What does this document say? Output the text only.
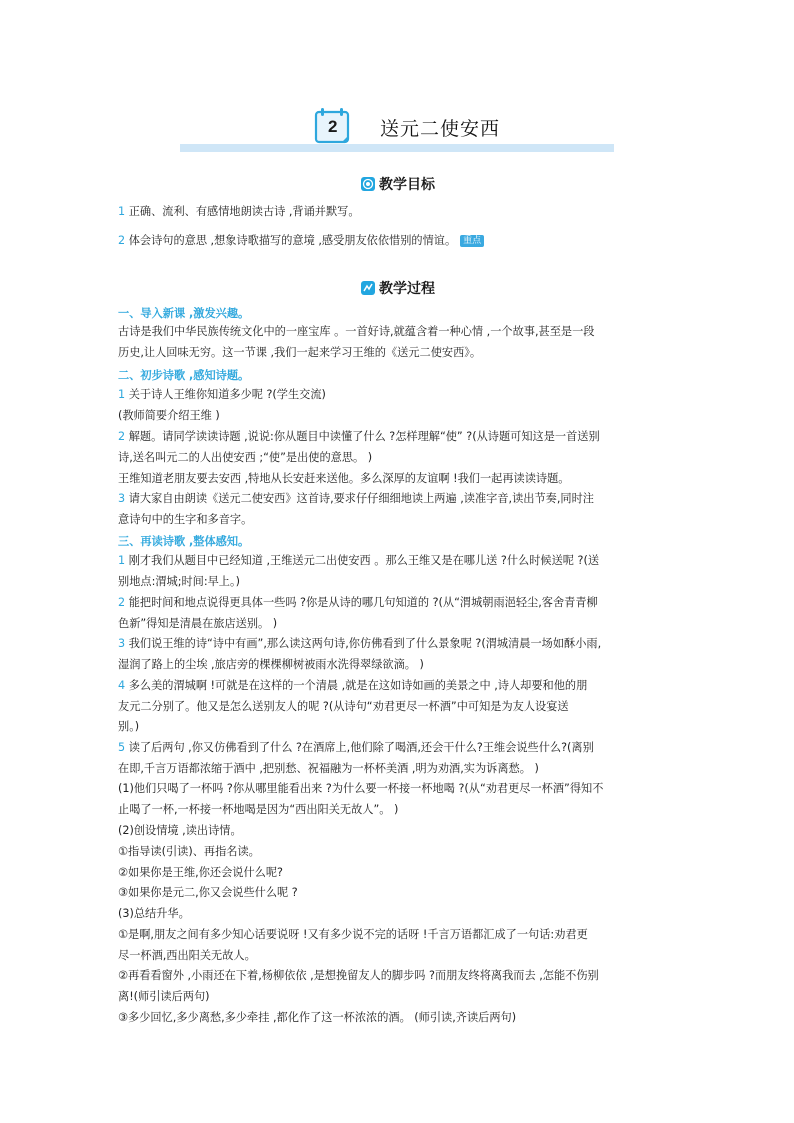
2 送元二使安西
教学目标
1 正确、流利、有感情地朗读古诗 ,背诵并默写。
2 体会诗句的意思 ,想象诗歌描写的意境 ,感受朋友依依惜别的情谊。 重点
教学过程
一、导入新课 ,激发兴趣。
古诗是我们中华民族传统文化中的一座宝库 。一首好诗,就蕴含着一种心情 ,一个故事,甚至是一段
历史,让人回味无穷。这一节课 ,我们一起来学习王维的《送元二使安西》。
二、初步诗歌 ,感知诗题。
1 关于诗人王维你知道多少呢 ?(学生交流)
(教师简要介绍王维 )
2 解题。请同学读读诗题 ,说说:你从题目中读懂了什么 ?怎样理解“使” ?(从诗题可知这是一首送别
诗,送名叫元二的人出使安西 ;“使”是出使的意思。 )
王维知道老朋友要去安西 ,特地从长安赶来送他。多么深厚的友谊啊 !我们一起再读读诗题。
3 请大家自由朗读《送元二使安西》这首诗,要求仔仔细细地读上两遍 ,读准字音,读出节奏,同时注
意诗句中的生字和多音字。
三、再读诗歌 ,整体感知。
1 刚才我们从题目中已经知道 ,王维送元二出使安西 。那么王维又是在哪儿送 ?什么时候送呢 ?(送
别地点:渭城;时间:早上。)
2 能把时间和地点说得更具体一些吗 ?你是从诗的哪几句知道的 ?(从“渭城朝雨浥轻尘,客舍青青柳
色新”得知是清晨在旅店送别。 )
3 我们说王维的诗“诗中有画”,那么读这两句诗,你仿佛看到了什么景象呢 ?(渭城清晨一场如酥小雨,
湿润了路上的尘埃 ,旅店旁的棵棵柳树被雨水洗得翠绿欲滴。 )
4 多么美的渭城啊 !可就是在这样的一个清晨 ,就是在这如诗如画的美景之中 ,诗人却要和他的朋
友元二分别了。他又是怎么送别友人的呢 ?(从诗句“劝君更尽一杯酒”中可知是为友人设宴送
别。)
5 读了后两句 ,你又仿佛看到了什么 ?在酒席上,他们除了喝酒,还会干什么?王维会说些什么?(离别
在即,千言万语都浓缩于酒中 ,把别愁、祝福融为一杯杯美酒 ,明为劝酒,实为诉离愁。 )
(1)他们只喝了一杯吗 ?你从哪里能看出来 ?为什么要一杯接一杯地喝 ?(从“劝君更尽一杯酒”得知不
止喝了一杯,一杯接一杯地喝是因为“西出阳关无故人”。 )
(2)创设情境 ,读出诗情。
①指导读(引读)、再指名读。
②如果你是王维,你还会说什么呢?
③如果你是元二,你又会说些什么呢 ?
(3)总结升华。
①是啊,朋友之间有多少知心话要说呀 !又有多少说不完的话呀 !千言万语都汇成了一句话:劝君更
尽一杯酒,西出阳关无故人。
②再看看窗外 ,小雨还在下着,杨柳依依 ,是想挽留友人的脚步吗 ?而朋友终将离我而去 ,怎能不伤别
离!(师引读后两句)
③多少回忆,多少离愁,多少牵挂 ,都化作了这一杯浓浓的酒。 (师引读,齐读后两句)
